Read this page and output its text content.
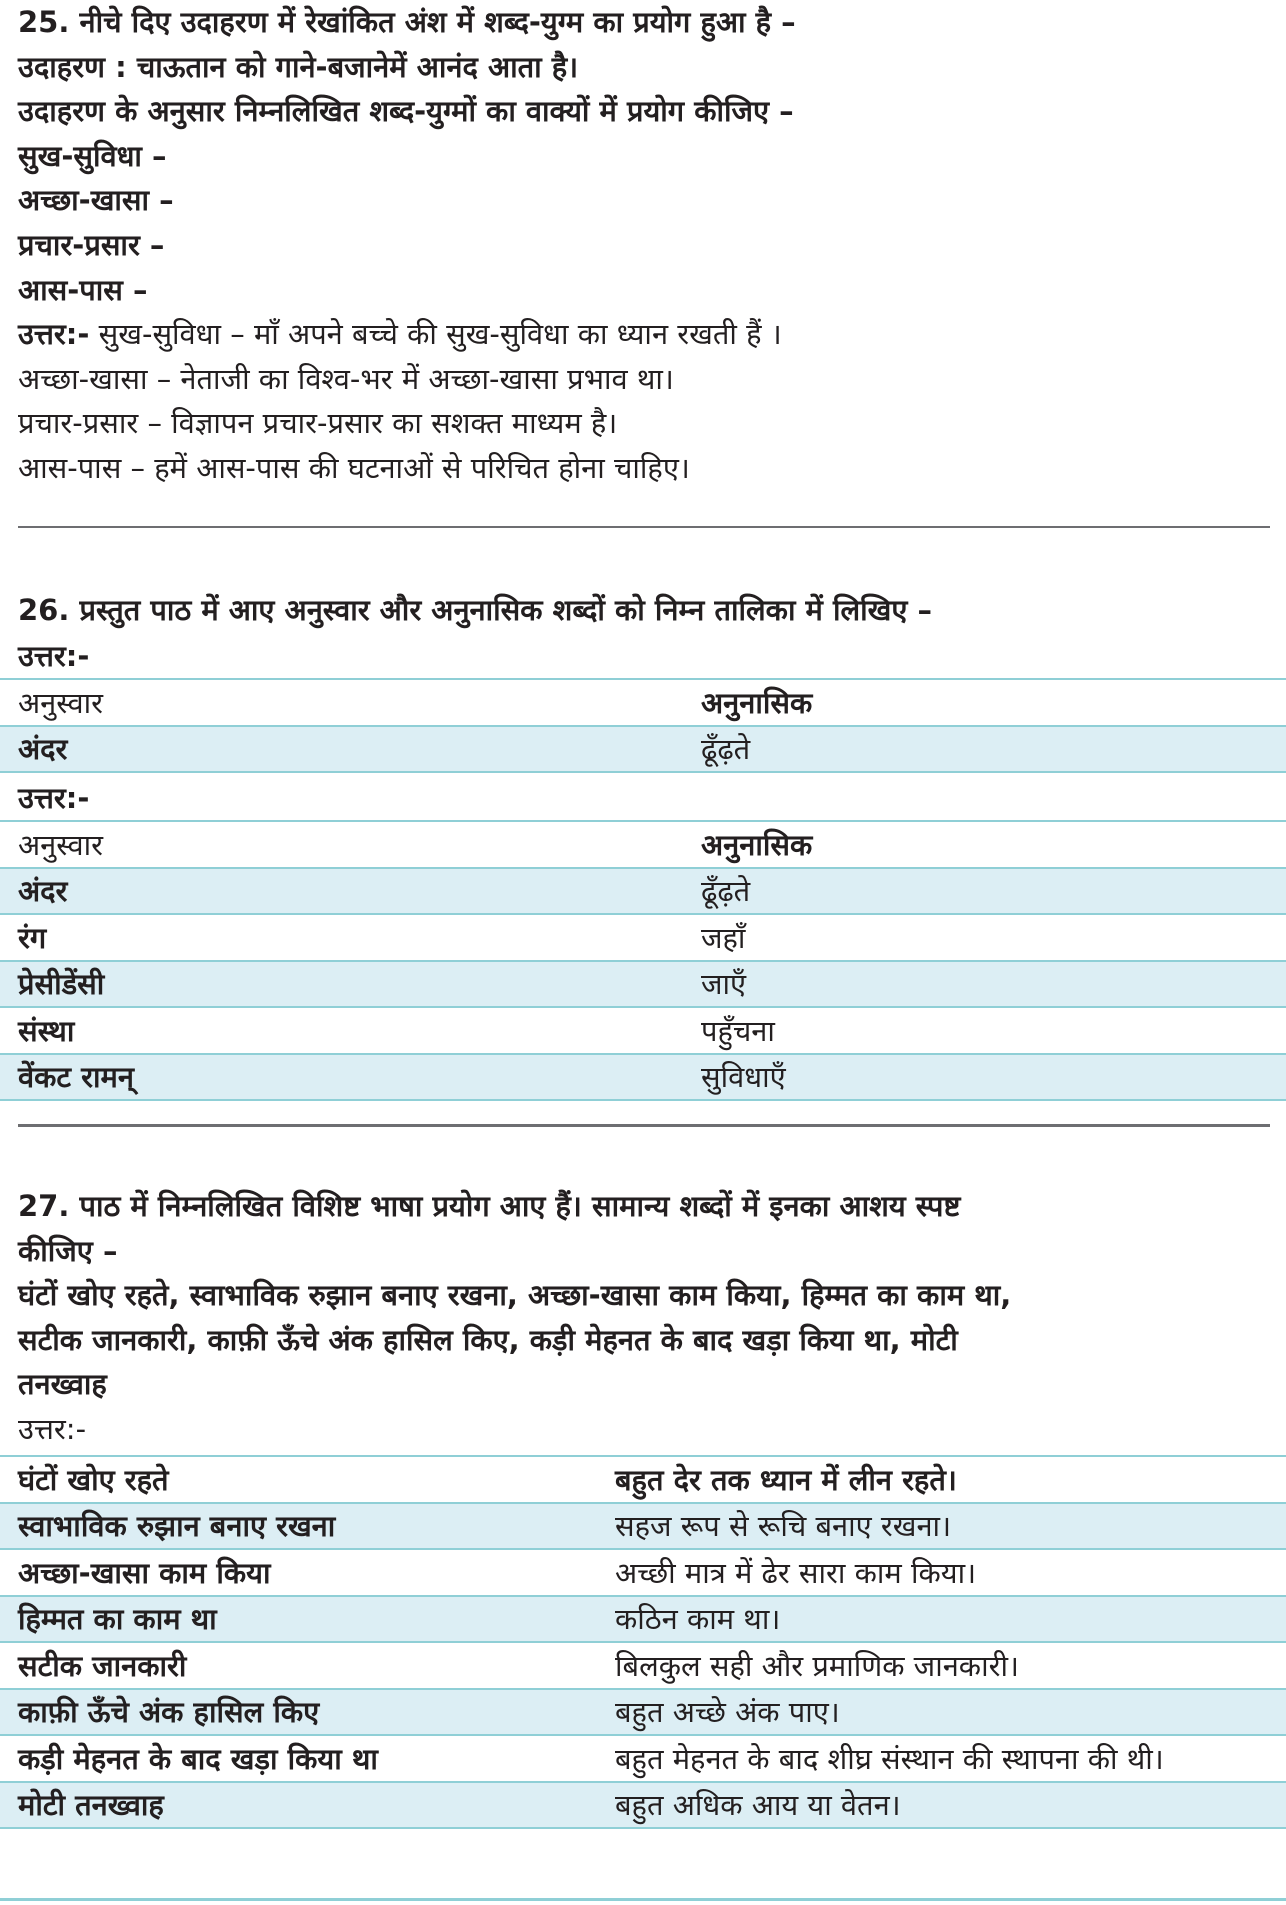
25. नीचे दिए उदाहरण में रेखांकित अंश में शब्द-युग्म का प्रयोग हुआ है –
उदाहरण : चाऊतान को गाने-बजानेमें आनंद आता है।
उदाहरण के अनुसार निम्नलिखित शब्द-युग्मों का वाक्यों में प्रयोग कीजिए –
सुख-सुविधा –
अच्छा-खासा –
प्रचार-प्रसार –
आस-पास –
उत्तर:- सुख-सुविधा – माँ अपने बच्चे की सुख-सुविधा का ध्यान रखती हैं ।
अच्छा-खासा – नेताजी का विश्व-भर में अच्छा-खासा प्रभाव था।
प्रचार-प्रसार – विज्ञापन प्रचार-प्रसार का सशक्त माध्यम है।
आस-पास – हमें आस-पास की घटनाओं से परिचित होना चाहिए।
26. प्रस्तुत पाठ में आए अनुस्वार और अनुनासिक शब्दों को निम्न तालिका में लिखिए –
उत्तर:-
अनुस्वार	अनुनासिक
अंदर	ढूँढ़ते
उत्तर:-
अनुस्वार	अनुनासिक
अंदर	ढूँढ़ते
रंग	जहाँ
प्रेसीडेंसी	जाएँ
संस्था	पहुँचना
वेंकट रामन्	सुविधाएँ
27. पाठ में निम्नलिखित विशिष्ट भाषा प्रयोग आए हैं। सामान्य शब्दों में इनका आशय स्पष्ट
कीजिए –
घंटों खोए रहते, स्वाभाविक रुझान बनाए रखना, अच्छा-खासा काम किया, हिम्मत का काम था,
सटीक जानकारी, काफ़ी ऊँचे अंक हासिल किए, कड़ी मेहनत के बाद खड़ा किया था, मोटी
तनख्वाह
उत्तर:-
घंटों खोए रहते	बहुत देर तक ध्यान में लीन रहते।
स्वाभाविक रुझान बनाए रखना	सहज रूप से रूचि बनाए रखना।
अच्छा-खासा काम किया	अच्छी मात्र में ढेर सारा काम किया।
हिम्मत का काम था	कठिन काम था।
सटीक जानकारी	बिलकुल सही और प्रमाणिक जानकारी।
काफ़ी ऊँचे अंक हासिल किए	बहुत अच्छे अंक पाए।
कड़ी मेहनत के बाद खड़ा किया था	बहुत मेहनत के बाद शीघ्र संस्थान की स्थापना की थी।
मोटी तनख्वाह	बहुत अधिक आय या वेतन।
